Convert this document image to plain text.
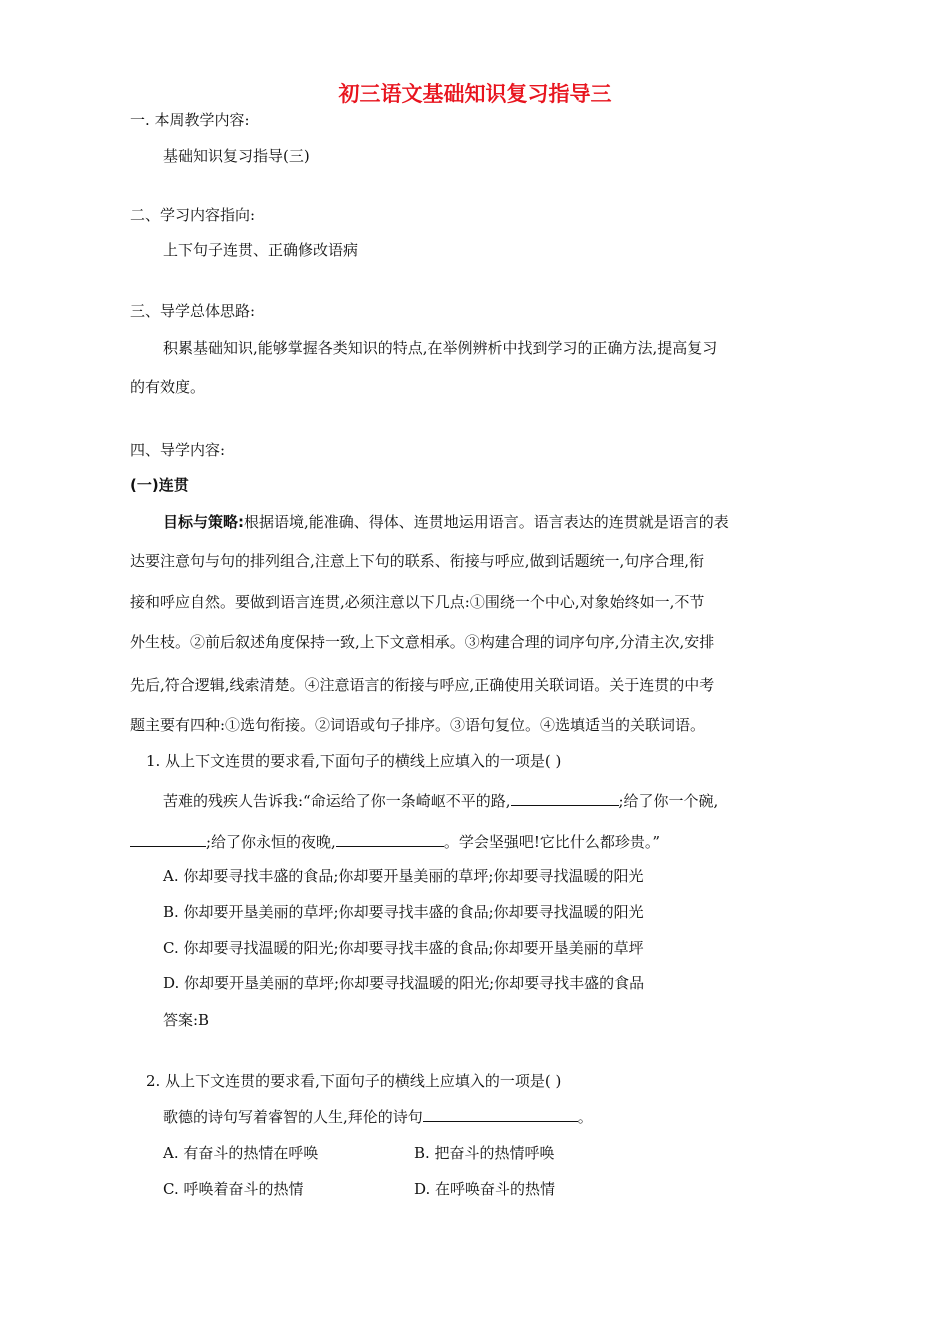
初三语文基础知识复习指导三
一. 本周教学内容:
基础知识复习指导(三)
二、学习内容指向:
上下句子连贯、正确修改语病
三、导学总体思路:
积累基础知识,能够掌握各类知识的特点,在举例辨析中找到学习的正确方法,提高复习
的有效度。
四、导学内容:
(一)连贯
目标与策略:根据语境,能准确、得体、连贯地运用语言。语言表达的连贯就是语言的表
达要注意句与句的排列组合,注意上下句的联系、衔接与呼应,做到话题统一,句序合理,衔
接和呼应自然。要做到语言连贯,必须注意以下几点:①围绕一个中心,对象始终如一,不节
外生枝。②前后叙述角度保持一致,上下文意相承。③构建合理的词序句序,分清主次,安排
先后,符合逻辑,线索清楚。④注意语言的衔接与呼应,正确使用关联词语。关于连贯的中考
题主要有四种:①选句衔接。②词语或句子排序。③语句复位。④选填适当的关联词语。
1. 从上下文连贯的要求看,下面句子的横线上应填入的一项是( )
苦难的残疾人告诉我:“命运给了你一条崎岖不平的路,	;给了你一个碗,
;给了你永恒的夜晚,	。学会坚强吧!它比什么都珍贵。”
A. 你却要寻找丰盛的食品;你却要开垦美丽的草坪;你却要寻找温暖的阳光
B. 你却要开垦美丽的草坪;你却要寻找丰盛的食品;你却要寻找温暖的阳光
C. 你却要寻找温暖的阳光;你却要寻找丰盛的食品;你却要开垦美丽的草坪
D. 你却要开垦美丽的草坪;你却要寻找温暖的阳光;你却要寻找丰盛的食品
答案:B
2. 从上下文连贯的要求看,下面句子的横线上应填入的一项是( )
歌德的诗句写着睿智的人生,拜伦的诗句	。
A. 有奋斗的热情在呼唤	B. 把奋斗的热情呼唤
C. 呼唤着奋斗的热情	D. 在呼唤奋斗的热情
